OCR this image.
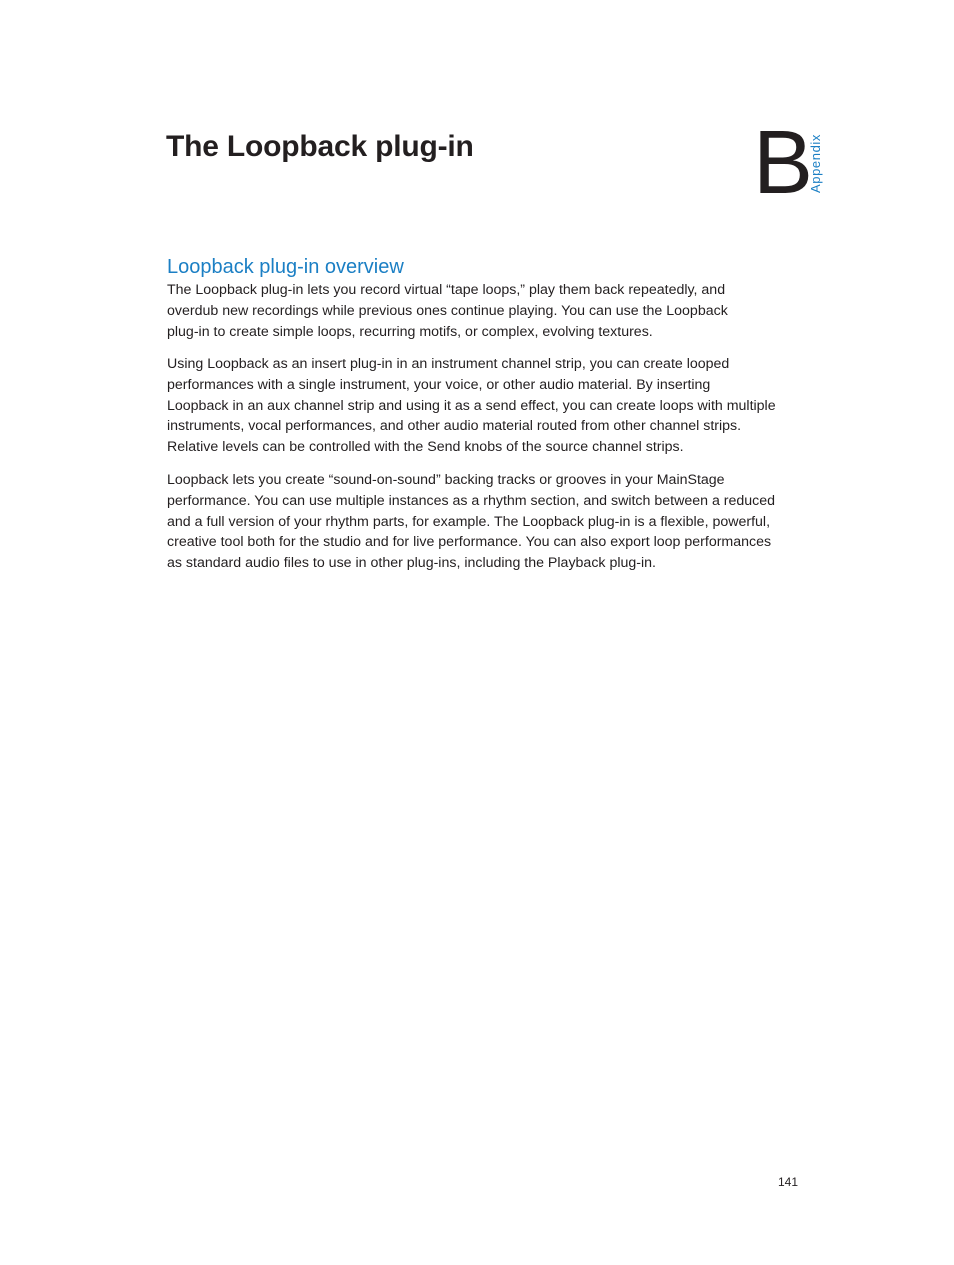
The Loopback plug-in	B
Appendix
Loopback plug-in overview

The Loopback plug-in lets you record virtual “tape loops,” play them back repeatedly, and
overdub new recordings while previous ones continue playing. You can use the Loopback
plug-in to create simple loops, recurring motifs, or complex, evolving textures.

Using Loopback as an insert plug-in in an instrument channel strip, you can create looped
performances with a single instrument, your voice, or other audio material. By inserting
Loopback in an aux channel strip and using it as a send effect, you can create loops with multiple
instruments, vocal performances, and other audio material routed from other channel strips.
Relative levels can be controlled with the Send knobs of the source channel strips.

Loopback lets you create “sound-on-sound” backing tracks or grooves in your MainStage
performance. You can use multiple instances as a rhythm section, and switch between a reduced
and a full version of your rhythm parts, for example. The Loopback plug-in is a flexible, powerful,
creative tool both for the studio and for live performance. You can also export loop performances
as standard audio files to use in other plug-ins, including the Playback plug-in.

141
